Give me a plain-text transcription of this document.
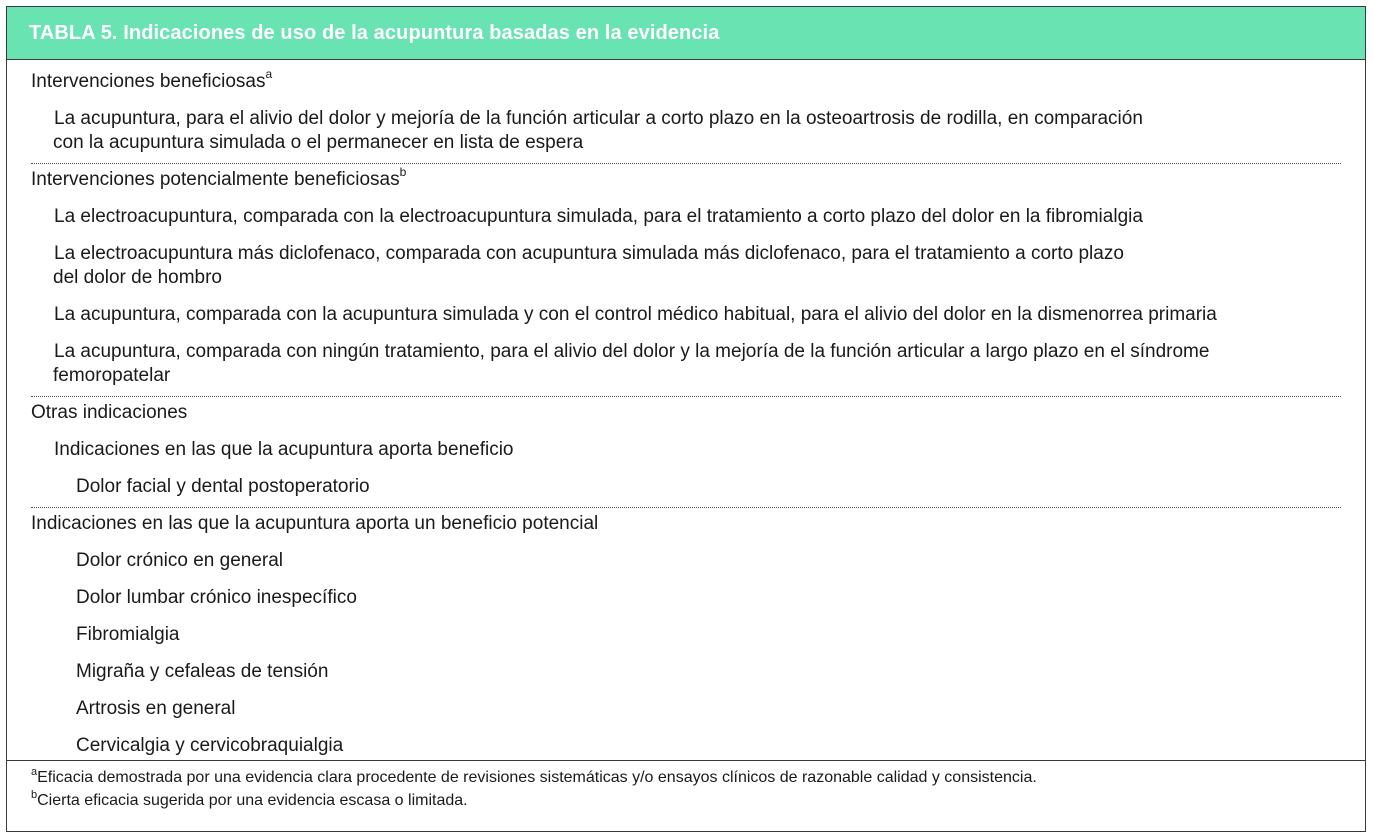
TABLA 5. Indicaciones de uso de la acupuntura basadas en la evidencia
Intervenciones beneficiosas$^a$
La acupuntura, para el alivio del dolor y mejoría de la función articular a corto plazo en la osteoartrosis de rodilla, en comparación
con la acupuntura simulada o el permanecer en lista de espera
Intervenciones potencialmente beneficiosas$^b$
La electroacupuntura, comparada con la electroacupuntura simulada, para el tratamiento a corto plazo del dolor en la fibromialgia
La electroacupuntura más diclofenaco, comparada con acupuntura simulada más diclofenaco, para el tratamiento a corto plazo
del dolor de hombro
La acupuntura, comparada con la acupuntura simulada y con el control médico habitual, para el alivio del dolor en la dismenorrea primaria
La acupuntura, comparada con ningún tratamiento, para el alivio del dolor y la mejoría de la función articular a largo plazo en el síndrome
femoropatelar
Otras indicaciones
Indicaciones en las que la acupuntura aporta beneficio
Dolor facial y dental postoperatorio
Indicaciones en las que la acupuntura aporta un beneficio potencial
Dolor crónico en general
Dolor lumbar crónico inespecífico
Fibromialgia
Migraña y cefaleas de tensión
Artrosis en general
Cervicalgia y cervicobraquialgia
$^a$Eficacia demostrada por una evidencia clara procedente de revisiones sistemáticas y/o ensayos clínicos de razonable calidad y consistencia.
$^b$Cierta eficacia sugerida por una evidencia escasa o limitada.
